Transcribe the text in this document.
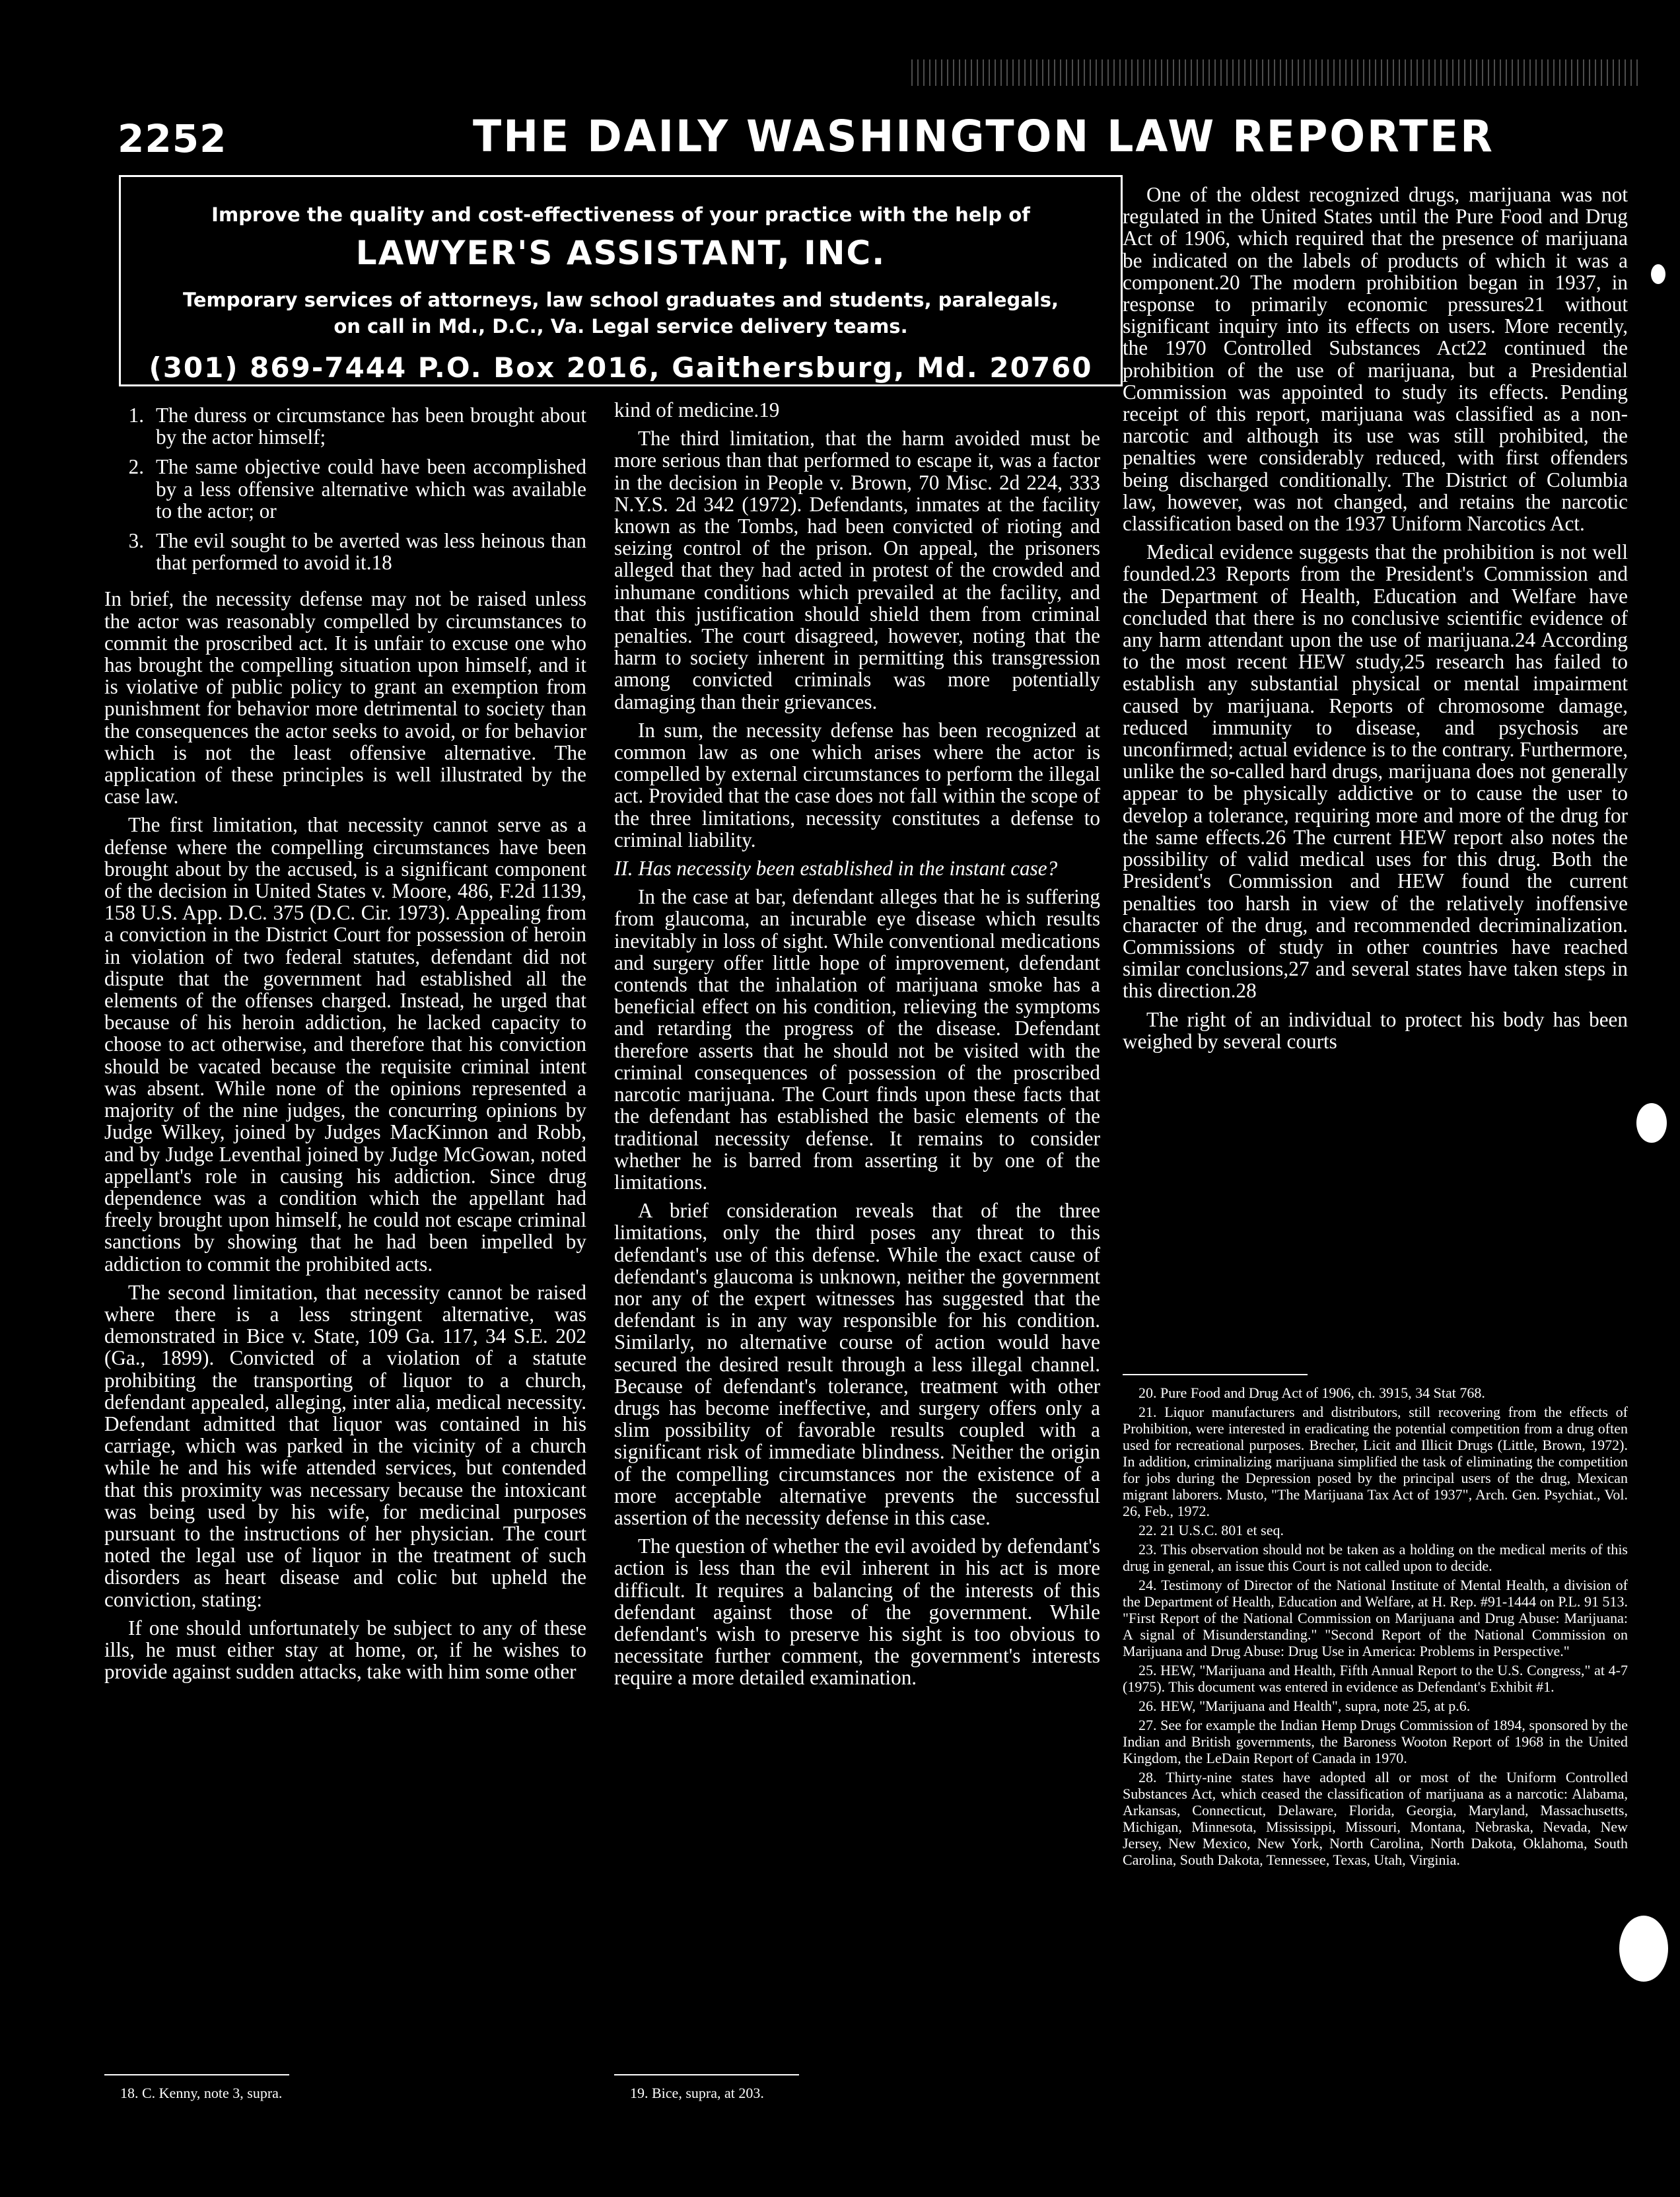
2252	THE DAILY WASHINGTON LAW REPORTER
Improve the quality and cost-effectiveness of your practice with the help of
LAWYER'S ASSISTANT, INC.
Temporary services of attorneys, law school graduates and students, paralegals,
on call in Md., D.C., Va. Legal service delivery teams.
(301) 869-7444 P.O. Box 2016, Gaithersburg, Md. 20760
1. The duress or circumstance has been brought about by the actor himself;
2. The same objective could have been accomplished by a less offensive alternative which was available to the actor; or
3. The evil sought to be averted was less heinous than that performed to avoid it.18

In brief, the necessity defense may not be raised unless the actor was reasonably compelled by circumstances to commit the proscribed act. It is unfair to excuse one who has brought the compelling situation upon himself, and it is violative of public policy to grant an exemption from punishment for behavior more detrimental to society than the consequences the actor seeks to avoid, or for behavior which is not the least offensive alternative. The application of these principles is well illustrated by the case law.

The first limitation, that necessity cannot serve as a defense where the compelling circumstances have been brought about by the accused, is a significant component of the decision in United States v. Moore, 486, F.2d 1139, 158 U.S. App. D.C. 375 (D.C. Cir. 1973). Appealing from a conviction in the District Court for possession of heroin in violation of two federal statutes, defendant did not dispute that the government had established all the elements of the offenses charged. Instead, he urged that because of his heroin addiction, he lacked capacity to choose to act otherwise, and therefore that his conviction should be vacated because the requisite criminal intent was absent. While none of the opinions represented a majority of the nine judges, the concurring opinions by Judge Wilkey, joined by Judges MacKinnon and Robb, and by Judge Leventhal joined by Judge McGowan, noted appellant's role in causing his addiction. Since drug dependence was a condition which the appellant had freely brought upon himself, he could not escape criminal sanctions by showing that he had been impelled by addiction to commit the prohibited acts.

The second limitation, that necessity cannot be raised where there is a less stringent alternative, was demonstrated in Bice v. State, 109 Ga. 117, 34 S.E. 202 (Ga., 1899). Convicted of a violation of a statute prohibiting the transporting of liquor to a church, defendant appealed, alleging, inter alia, medical necessity. Defendant admitted that liquor was contained in his carriage, which was parked in the vicinity of a church while he and his wife attended services, but contended that this proximity was necessary because the intoxicant was being used by his wife, for medicinal purposes pursuant to the instructions of her physician. The court noted the legal use of liquor in the treatment of such disorders as heart disease and colic but upheld the conviction, stating:

If one should unfortunately be subject to any of these ills, he must either stay at home, or, if he wishes to provide against sudden attacks, take with him some other

18. C. Kenny, note 3, supra.

kind of medicine.19

The third limitation, that the harm avoided must be more serious than that performed to escape it, was a factor in the decision in People v. Brown, 70 Misc. 2d 224, 333 N.Y.S. 2d 342 (1972). Defendants, inmates at the facility known as the Tombs, had been convicted of rioting and seizing control of the prison. On appeal, the prisoners alleged that they had acted in protest of the crowded and inhumane conditions which prevailed at the facility, and that this justification should shield them from criminal penalties. The court disagreed, however, noting that the harm to society inherent in permitting this transgression among convicted criminals was more potentially damaging than their grievances.

In sum, the necessity defense has been recognized at common law as one which arises where the actor is compelled by external circumstances to perform the illegal act. Provided that the case does not fall within the scope of the three limitations, necessity constitutes a defense to criminal liability.

II. Has necessity been established in the instant case?

In the case at bar, defendant alleges that he is suffering from glaucoma, an incurable eye disease which results inevitably in loss of sight. While conventional medications and surgery offer little hope of improvement, defendant contends that the inhalation of marijuana smoke has a beneficial effect on his condition, relieving the symptoms and retarding the progress of the disease. Defendant therefore asserts that he should not be visited with the criminal consequences of possession of the proscribed narcotic marijuana. The Court finds upon these facts that the defendant has established the basic elements of the traditional necessity defense. It remains to consider whether he is barred from asserting it by one of the limitations.

A brief consideration reveals that of the three limitations, only the third poses any threat to this defendant's use of this defense. While the exact cause of defendant's glaucoma is unknown, neither the government nor any of the expert witnesses has suggested that the defendant is in any way responsible for his condition. Similarly, no alternative course of action would have secured the desired result through a less illegal channel. Because of defendant's tolerance, treatment with other drugs has become ineffective, and surgery offers only a slim possibility of favorable results coupled with a significant risk of immediate blindness. Neither the origin of the compelling circumstances nor the existence of a more acceptable alternative prevents the successful assertion of the necessity defense in this case.

The question of whether the evil avoided by defendant's action is less than the evil inherent in his act is more difficult. It requires a balancing of the interests of this defendant against those of the government. While defendant's wish to preserve his sight is too obvious to necessitate further comment, the government's interests require a more detailed examination.

19. Bice, supra, at 203.

One of the oldest recognized drugs, marijuana was not regulated in the United States until the Pure Food and Drug Act of 1906, which required that the presence of marijuana be indicated on the labels of products of which it was a component.20 The modern prohibition began in 1937, in response to primarily economic pressures21 without significant inquiry into its effects on users. More recently, the 1970 Controlled Substances Act22 continued the prohibition of the use of marijuana, but a Presidential Commission was appointed to study its effects. Pending receipt of this report, marijuana was classified as a non-narcotic and although its use was still prohibited, the penalties were considerably reduced, with first offenders being discharged conditionally. The District of Columbia law, however, was not changed, and retains the narcotic classification based on the 1937 Uniform Narcotics Act.

Medical evidence suggests that the prohibition is not well founded.23 Reports from the President's Commission and the Department of Health, Education and Welfare have concluded that there is no conclusive scientific evidence of any harm attendant upon the use of marijuana.24 According to the most recent HEW study,25 research has failed to establish any substantial physical or mental impairment caused by marijuana. Reports of chromosome damage, reduced immunity to disease, and psychosis are unconfirmed; actual evidence is to the contrary. Furthermore, unlike the so-called hard drugs, marijuana does not generally appear to be physically addictive or to cause the user to develop a tolerance, requiring more and more of the drug for the same effects.26 The current HEW report also notes the possibility of valid medical uses for this drug. Both the President's Commission and HEW found the current penalties too harsh in view of the relatively inoffensive character of the drug, and recommended decriminalization. Commissions of study in other countries have reached similar conclusions,27 and several states have taken steps in this direction.28

The right of an individual to protect his body has been weighed by several courts

20. Pure Food and Drug Act of 1906, ch. 3915, 34 Stat 768.

21. Liquor manufacturers and distributors, still recovering from the effects of Prohibition, were interested in eradicating the potential competition from a drug often used for recreational purposes. Brecher, Licit and Illicit Drugs (Little, Brown, 1972). In addition, criminalizing marijuana simplified the task of eliminating the competition for jobs during the Depression posed by the principal users of the drug, Mexican migrant laborers. Musto, "The Marijuana Tax Act of 1937", Arch. Gen. Psychiat., Vol. 26, Feb., 1972.

22. 21 U.S.C. 801 et seq.

23. This observation should not be taken as a holding on the medical merits of this drug in general, an issue this Court is not called upon to decide.

24. Testimony of Director of the National Institute of Mental Health, a division of the Department of Health, Education and Welfare, at H. Rep. #91-1444 on P.L. 91 513. "First Report of the National Commission on Marijuana and Drug Abuse: Marijuana: A signal of Misunderstanding." "Second Report of the National Commission on Marijuana and Drug Abuse: Drug Use in America: Problems in Perspective."

25. HEW, "Marijuana and Health, Fifth Annual Report to the U.S. Congress," at 4-7 (1975). This document was entered in evidence as Defendant's Exhibit #1.

26. HEW, "Marijuana and Health", supra, note 25, at p.6.

27. See for example the Indian Hemp Drugs Commission of 1894, sponsored by the Indian and British governments, the Baroness Wooton Report of 1968 in the United Kingdom, the LeDain Report of Canada in 1970.

28. Thirty-nine states have adopted all or most of the Uniform Controlled Substances Act, which ceased the classification of marijuana as a narcotic: Alabama, Arkansas, Connecticut, Delaware, Florida, Georgia, Maryland, Massachusetts, Michigan, Minnesota, Mississippi, Missouri, Montana, Nebraska, Nevada, New Jersey, New Mexico, New York, North Carolina, North Dakota, Oklahoma, South Carolina, South Dakota, Tennessee, Texas, Utah, Virginia.
